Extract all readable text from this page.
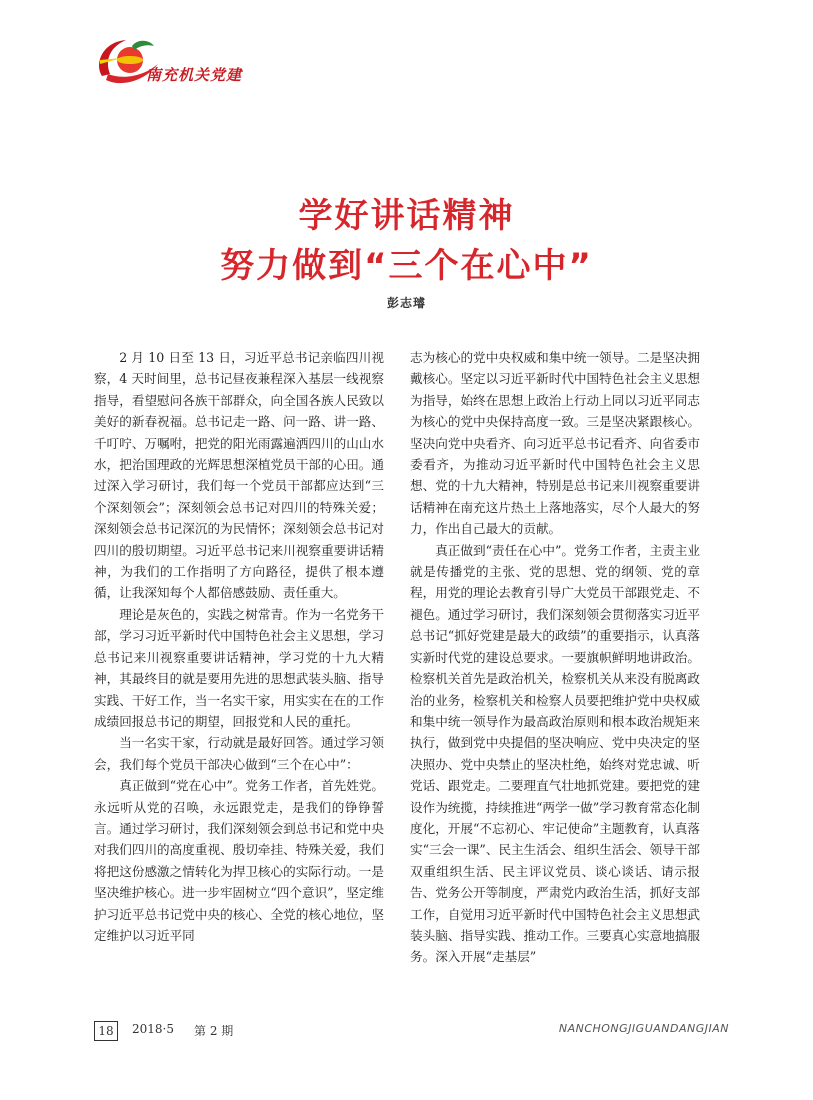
南充机关党建
学好讲话精神
努力做到“三个在心中”
彭志璿

2 月 10 日至 13 日，习近平总书记亲临四川视察，4 天时间里，总书记昼夜兼程深入基层一线视察指导，看望慰问各族干部群众，向全国各族人民致以美好的新春祝福。总书记走一路、问一路、讲一路、千叮咛、万嘱咐，把党的阳光雨露遍洒四川的山山水水，把治国理政的光辉思想深植党员干部的心田。通过深入学习研讨，我们每一个党员干部都应达到“三个深刻领会”；深刻领会总书记对四川的特殊关爱；深刻领会总书记深沉的为民情怀；深刻领会总书记对四川的殷切期望。习近平总书记来川视察重要讲话精神，为我们的工作指明了方向路径，提供了根本遵循，让我深知每个人都倍感鼓励、责任重大。

理论是灰色的，实践之树常青。作为一名党务干部，学习习近平新时代中国特色社会主义思想，学习总书记来川视察重要讲话精神，学习党的十九大精神，其最终目的就是要用先进的思想武装头脑、指导实践、干好工作，当一名实干家，用实实在在的工作成绩回报总书记的期望，回报党和人民的重托。

当一名实干家，行动就是最好回答。通过学习领会，我们每个党员干部决心做到“三个在心中”：

真正做到“党在心中”。党务工作者，首先姓党。永远听从党的召唤，永远跟党走，是我们的铮铮誓言。通过学习研讨，我们深刻领会到总书记和党中央对我们四川的高度重视、殷切牵挂、特殊关爱，我们将把这份感激之情转化为捍卫核心的实际行动。一是坚决维护核心。进一步牢固树立“四个意识”，坚定维护习近平总书记党中央的核心、全党的核心地位，坚定维护以习近平同

志为核心的党中央权威和集中统一领导。二是坚决拥戴核心。坚定以习近平新时代中国特色社会主义思想为指导，始终在思想上政治上行动上同以习近平同志为核心的党中央保持高度一致。三是坚决紧跟核心。坚决向党中央看齐、向习近平总书记看齐、向省委市委看齐，为推动习近平新时代中国特色社会主义思想、党的十九大精神，特别是总书记来川视察重要讲话精神在南充这片热土上落地落实，尽个人最大的努力，作出自己最大的贡献。

真正做到“责任在心中”。党务工作者，主责主业就是传播党的主张、党的思想、党的纲领、党的章程，用党的理论去教育引导广大党员干部跟党走、不褪色。通过学习研讨，我们深刻领会贯彻落实习近平总书记“抓好党建是最大的政绩”的重要指示，认真落实新时代党的建设总要求。一要旗帜鲜明地讲政治。检察机关首先是政治机关，检察机关从来没有脱离政治的业务，检察机关和检察人员要把维护党中央权威和集中统一领导作为最高政治原则和根本政治规矩来执行，做到党中央提倡的坚决响应、党中央决定的坚决照办、党中央禁止的坚决杜绝，始终对党忠诚、听党话、跟党走。二要理直气壮地抓党建。要把党的建设作为统揽，持续推进“两学一做”学习教育常态化制度化，开展“不忘初心、牢记使命”主题教育，认真落实“三会一课”、民主生活会、组织生活会、领导干部双重组织生活、民主评议党员、谈心谈话、请示报告、党务公开等制度，严肃党内政治生活，抓好支部工作，自觉用习近平新时代中国特色社会主义思想武装头脑、指导实践、推动工作。三要真心实意地搞服务。深入开展“走基层”

18	2018·5 第 2 期	NANCHONGJIGUANDANGJIAN
